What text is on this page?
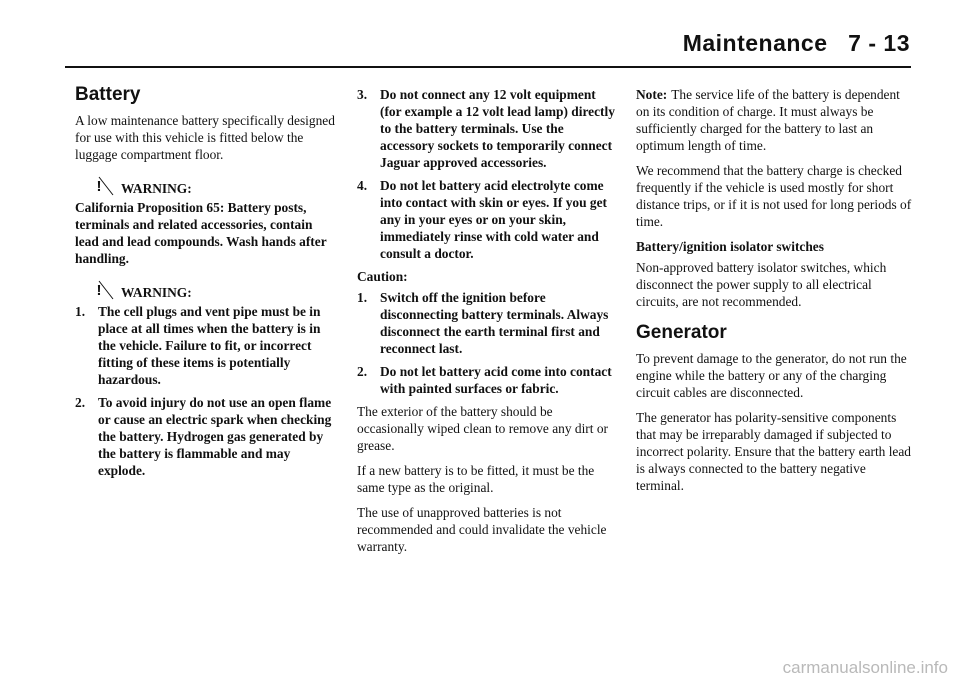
Maintenance   7 - 13
Battery

A low maintenance battery specifically designed for use with this vehicle is fitted below the luggage compartment floor.

! WARNING:

California Proposition 65: Battery posts, terminals and related accessories, contain lead and lead compounds. Wash hands after handling.

! WARNING:
1. The cell plugs and vent pipe must be in place at all times when the battery is in the vehicle. Failure to fit, or incorrect fitting of these items is potentially hazardous.
2. To avoid injury do not use an open flame or cause an electric spark when checking the battery. Hydrogen gas generated by the battery is flammable and may explode.
3. Do not connect any 12 volt equipment (for example a 12 volt lead lamp) directly to the battery terminals. Use the accessory sockets to temporarily connect Jaguar approved accessories.
4. Do not let battery acid electrolyte come into contact with skin or eyes. If you get any in your eyes or on your skin, immediately rinse with cold water and consult a doctor.

Caution:

1. Switch off the ignition before disconnecting battery terminals. Always disconnect the earth terminal first and reconnect last.
2. Do not let battery acid come into contact with painted surfaces or fabric.

The exterior of the battery should be occasionally wiped clean to remove any dirt or grease.

If a new battery is to be fitted, it must be the same type as the original.

The use of unapproved batteries is not recommended and could invalidate the vehicle warranty.

Note: The service life of the battery is dependent on its condition of charge. It must always be sufficiently charged for the battery to last an optimum length of time.

We recommend that the battery charge is checked frequently if the vehicle is used mostly for short distance trips, or if it is not used for long periods of time.

Battery/ignition isolator switches

Non-approved battery isolator switches, which disconnect the power supply to all electrical circuits, are not recommended.

Generator

To prevent damage to the generator, do not run the engine while the battery or any of the charging circuit cables are disconnected.

The generator has polarity-sensitive components that may be irreparably damaged if subjected to incorrect polarity. Ensure that the battery earth lead is always connected to the battery negative terminal.

carmanualsonline.info
